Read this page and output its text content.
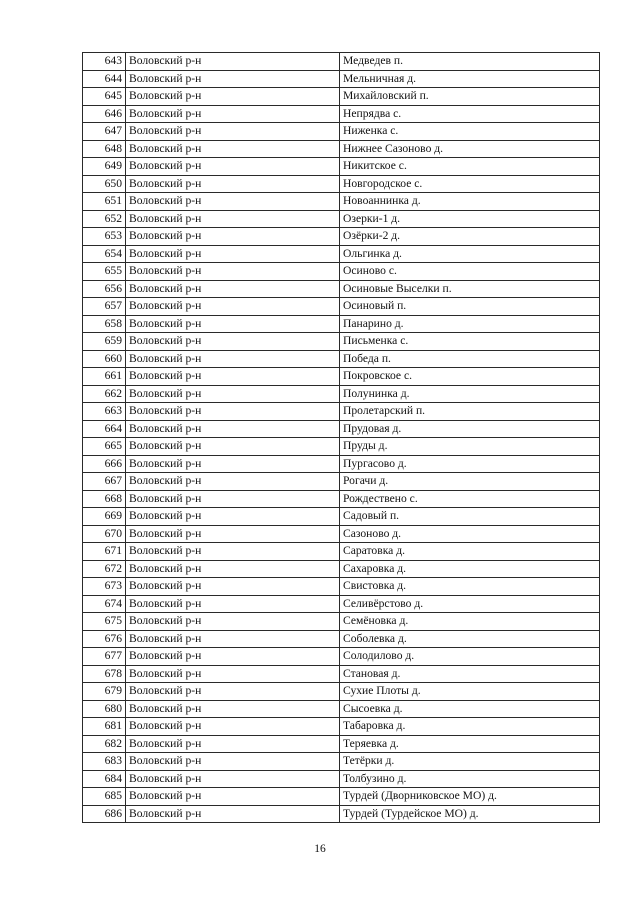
643	Воловский р-н	Медведев п.
644	Воловский р-н	Мельничная д.
645	Воловский р-н	Михайловский п.
646	Воловский р-н	Непрядва с.
647	Воловский р-н	Ниженка с.
648	Воловский р-н	Нижнее Сазоново д.
649	Воловский р-н	Никитское с.
650	Воловский р-н	Новгородское с.
651	Воловский р-н	Новоаннинка д.
652	Воловский р-н	Озерки-1 д.
653	Воловский р-н	Озёрки-2 д.
654	Воловский р-н	Ольгинка д.
655	Воловский р-н	Осиново с.
656	Воловский р-н	Осиновые Выселки п.
657	Воловский р-н	Осиновый п.
658	Воловский р-н	Панарино д.
659	Воловский р-н	Письменка с.
660	Воловский р-н	Победа п.
661	Воловский р-н	Покровское с.
662	Воловский р-н	Полунинка д.
663	Воловский р-н	Пролетарский п.
664	Воловский р-н	Прудовая д.
665	Воловский р-н	Пруды д.
666	Воловский р-н	Пургасово д.
667	Воловский р-н	Рогачи д.
668	Воловский р-н	Рождествено с.
669	Воловский р-н	Садовый п.
670	Воловский р-н	Сазоново д.
671	Воловский р-н	Саратовка д.
672	Воловский р-н	Сахаровка д.
673	Воловский р-н	Свистовка д.
674	Воловский р-н	Селивёрстово д.
675	Воловский р-н	Семёновка д.
676	Воловский р-н	Соболевка д.
677	Воловский р-н	Солодилово д.
678	Воловский р-н	Становая д.
679	Воловский р-н	Сухие Плоты д.
680	Воловский р-н	Сысоевка д.
681	Воловский р-н	Табаровка д.
682	Воловский р-н	Теряевка д.
683	Воловский р-н	Тетёрки д.
684	Воловский р-н	Толбузино д.
685	Воловский р-н	Турдей (Дворниковское МО) д.
686	Воловский р-н	Турдей (Турдейское МО) д.
16
